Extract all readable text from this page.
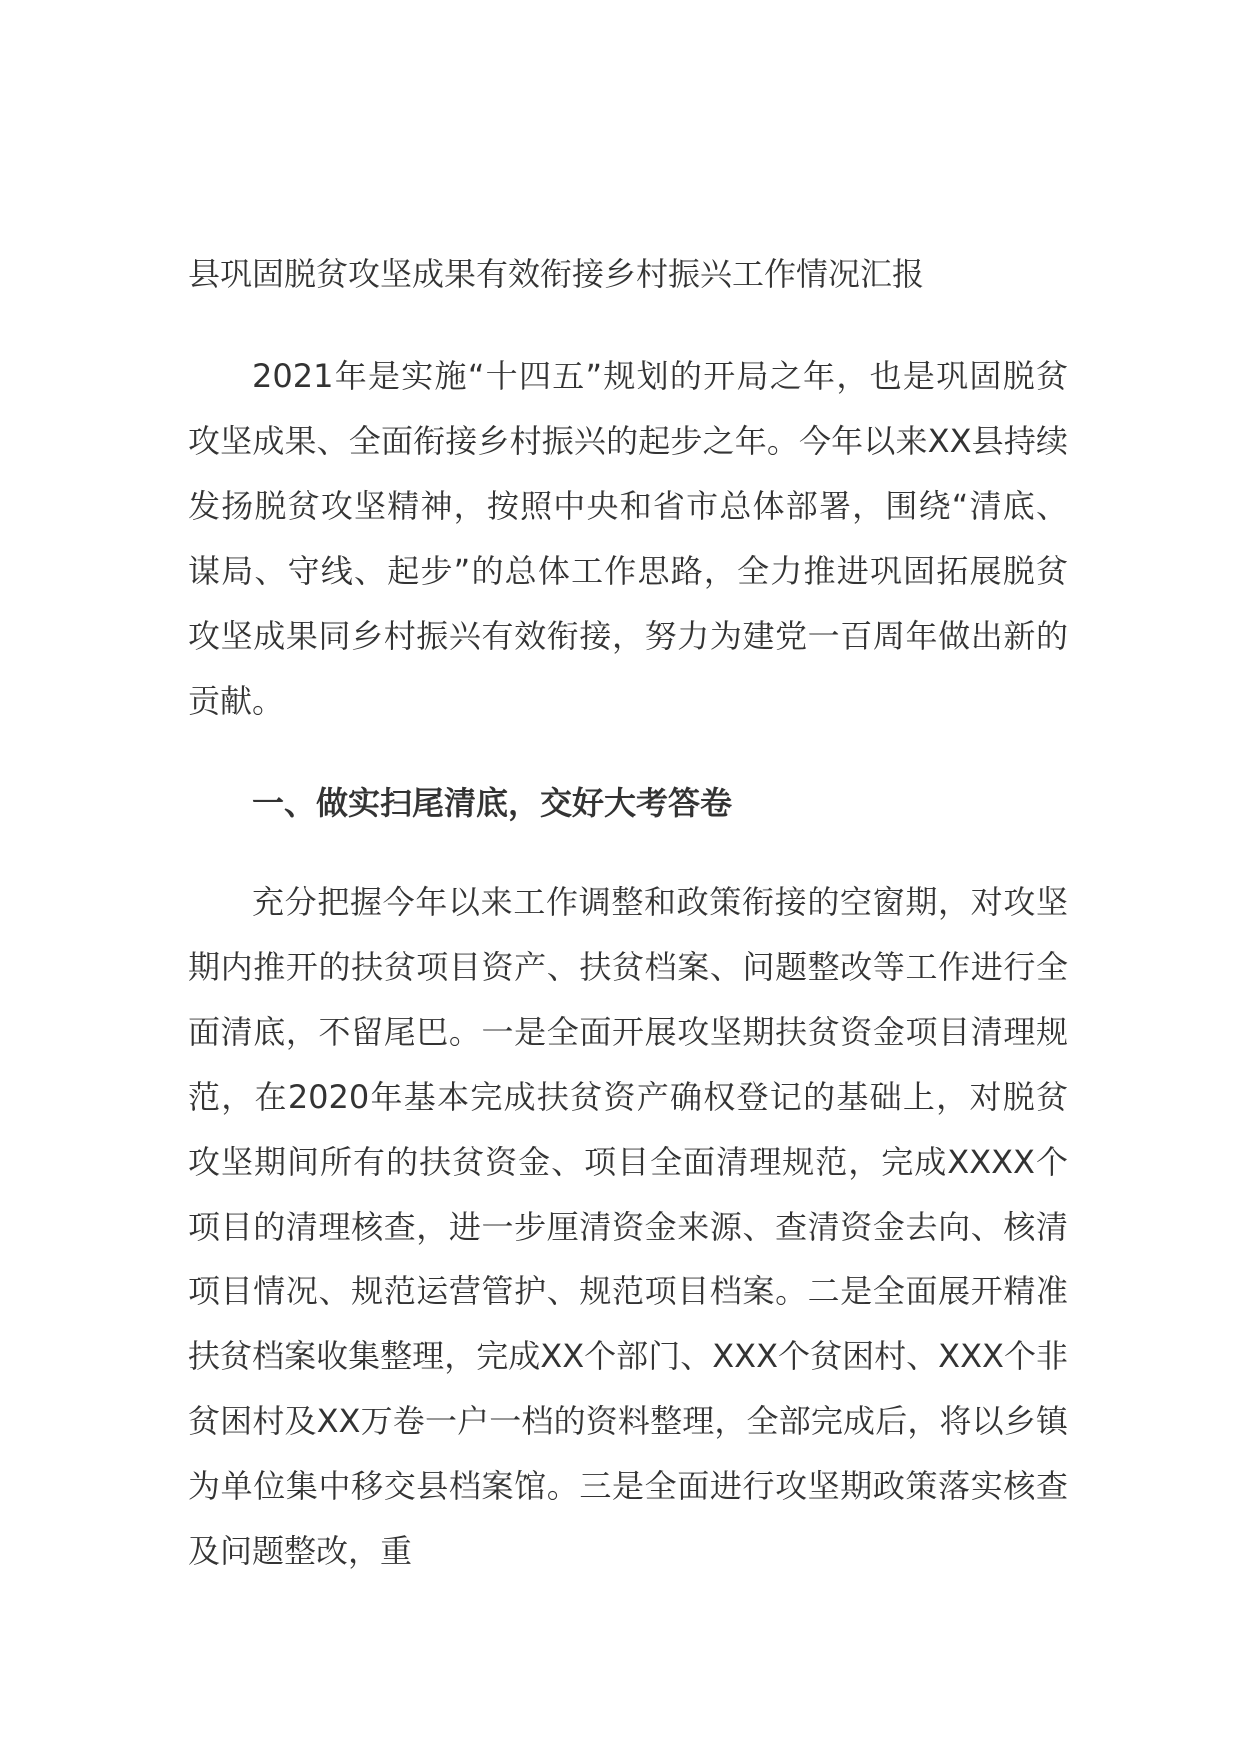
县巩固脱贫攻坚成果有效衔接乡村振兴工作情况汇报

2021年是实施“十四五”规划的开局之年，也是巩固脱贫攻坚成果、全面衔接乡村振兴的起步之年。今年以来XX县持续发扬脱贫攻坚精神，按照中央和省市总体部署，围绕“清底、谋局、守线、起步”的总体工作思路，全力推进巩固拓展脱贫攻坚成果同乡村振兴有效衔接，努力为建党一百周年做出新的贡献。

一、做实扫尾清底，交好大考答卷

充分把握今年以来工作调整和政策衔接的空窗期，对攻坚期内推开的扶贫项目资产、扶贫档案、问题整改等工作进行全面清底，不留尾巴。一是全面开展攻坚期扶贫资金项目清理规范，在2020年基本完成扶贫资产确权登记的基础上，对脱贫攻坚期间所有的扶贫资金、项目全面清理规范，完成XXXX个项目的清理核查，进一步厘清资金来源、查清资金去向、核清项目情况、规范运营管护、规范项目档案。二是全面展开精准扶贫档案收集整理，完成XX个部门、XXX个贫困村、XXX个非贫困村及XX万卷一户一档的资料整理，全部完成后，将以乡镇为单位集中移交县档案馆。三是全面进行攻坚期政策落实核查及问题整改，重
